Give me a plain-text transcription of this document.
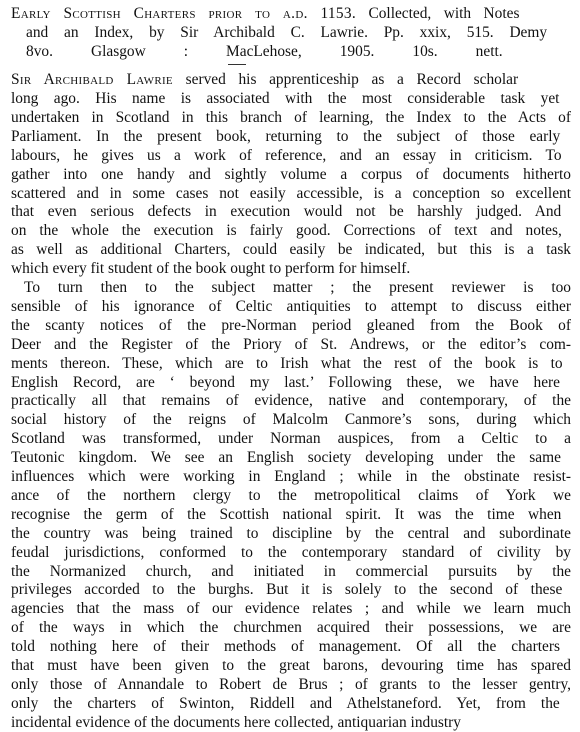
Early Scottish Charters prior to a.d. 1153. Collected, with Notes
and an Index, by Sir Archibald C. Lawrie. Pp. xxix, 515. Demy
8vo. Glasgow : MacLehose, 1905. 10s. nett.
Sir Archibald Lawrie served his apprenticeship as a Record scholar
long ago. His name is associated with the most considerable task yet
undertaken in Scotland in this branch of learning, the Index to the Acts of
Parliament. In the present book, returning to the subject of those early
labours, he gives us a work of reference, and an essay in criticism. To
gather into one handy and sightly volume a corpus of documents hitherto
scattered and in some cases not easily accessible, is a conception so excellent
that even serious defects in execution would not be harshly judged. And
on the whole the execution is fairly good. Corrections of text and notes,
as well as additional Charters, could easily be indicated, but this is a task
which every fit student of the book ought to perform for himself.
To turn then to the subject matter ; the present reviewer is too
sensible of his ignorance of Celtic antiquities to attempt to discuss either
the scanty notices of the pre-Norman period gleaned from the Book of
Deer and the Register of the Priory of St. Andrews, or the editor’s com-
ments thereon. These, which are to Irish what the rest of the book is to
English Record, are ‘ beyond my last.’ Following these, we have here
practically all that remains of evidence, native and contemporary, of the
social history of the reigns of Malcolm Canmore’s sons, during which
Scotland was transformed, under Norman auspices, from a Celtic to a
Teutonic kingdom. We see an English society developing under the same
influences which were working in England ; while in the obstinate resist-
ance of the northern clergy to the metropolitical claims of York we
recognise the germ of the Scottish national spirit. It was the time when
the country was being trained to discipline by the central and subordinate
feudal jurisdictions, conformed to the contemporary standard of civility by
the Normanized church, and initiated in commercial pursuits by the
privileges accorded to the burghs. But it is solely to the second of these
agencies that the mass of our evidence relates ; and while we learn much
of the ways in which the churchmen acquired their possessions, we are
told nothing here of their methods of management. Of all the charters
that must have been given to the great barons, devouring time has spared
only those of Annandale to Robert de Brus ; of grants to the lesser gentry,
only the charters of Swinton, Riddell and Athelstaneford. Yet, from the
incidental evidence of the documents here collected, antiquarian industry
